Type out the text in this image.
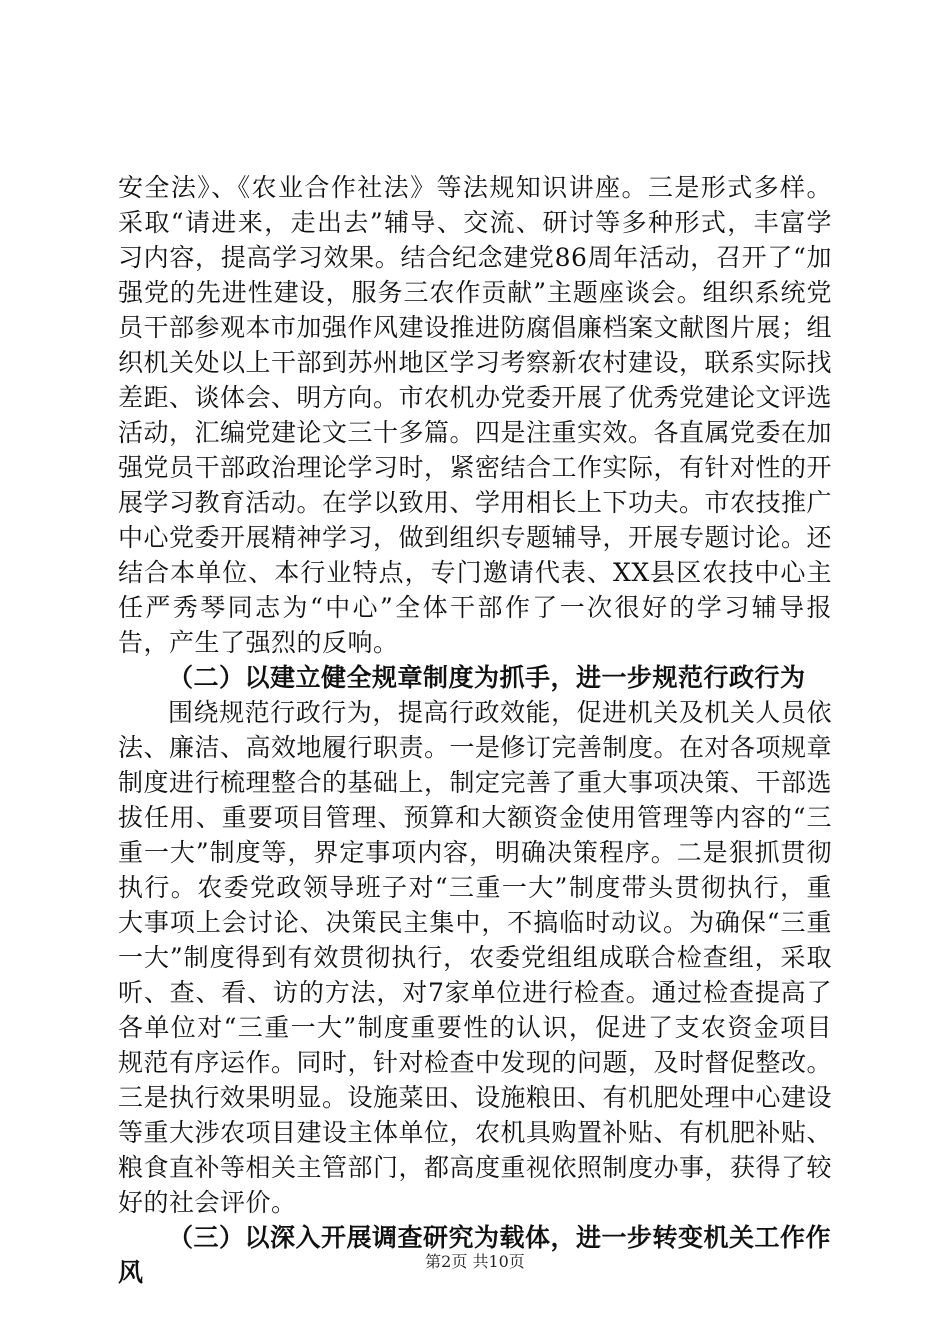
安全法》、《农业合作社法》等法规知识讲座。三是形式多样。采取“请进来，走出去”辅导、交流、研讨等多种形式，丰富学习内容，提高学习效果。结合纪念建党86周年活动，召开了“加强党的先进性建设，服务三农作贡献”主题座谈会。组织系统党员干部参观本市加强作风建设推进防腐倡廉档案文献图片展；组织机关处以上干部到苏州地区学习考察新农村建设，联系实际找差距、谈体会、明方向。市农机办党委开展了优秀党建论文评选活动，汇编党建论文三十多篇。四是注重实效。各直属党委在加强党员干部政治理论学习时，紧密结合工作实际，有针对性的开展学习教育活动。在学以致用、学用相长上下功夫。市农技推广中心党委开展精神学习，做到组织专题辅导，开展专题讨论。还结合本单位、本行业特点，专门邀请代表、XX县区农技中心主任严秀琴同志为“中心”全体干部作了一次很好的学习辅导报告，产生了强烈的反响。

（二）以建立健全规章制度为抓手，进一步规范行政行为

围绕规范行政行为，提高行政效能，促进机关及机关人员依法、廉洁、高效地履行职责。一是修订完善制度。在对各项规章制度进行梳理整合的基础上，制定完善了重大事项决策、干部选拔任用、重要项目管理、预算和大额资金使用管理等内容的“三重一大”制度等，界定事项内容，明确决策程序。二是狠抓贯彻执行。农委党政领导班子对“三重一大”制度带头贯彻执行，重大事项上会讨论、决策民主集中，不搞临时动议。为确保“三重一大”制度得到有效贯彻执行，农委党组组成联合检查组，采取听、查、看、访的方法，对7家单位进行检查。通过检查提高了各单位对“三重一大”制度重要性的认识，促进了支农资金项目规范有序运作。同时，针对检查中发现的问题，及时督促整改。三是执行效果明显。设施菜田、设施粮田、有机肥处理中心建设等重大涉农项目建设主体单位，农机具购置补贴、有机肥补贴、粮食直补等相关主管部门，都高度重视依照制度办事，获得了较好的社会评价。

（三）以深入开展调查研究为载体，进一步转变机关工作作风	第2页 共10页
